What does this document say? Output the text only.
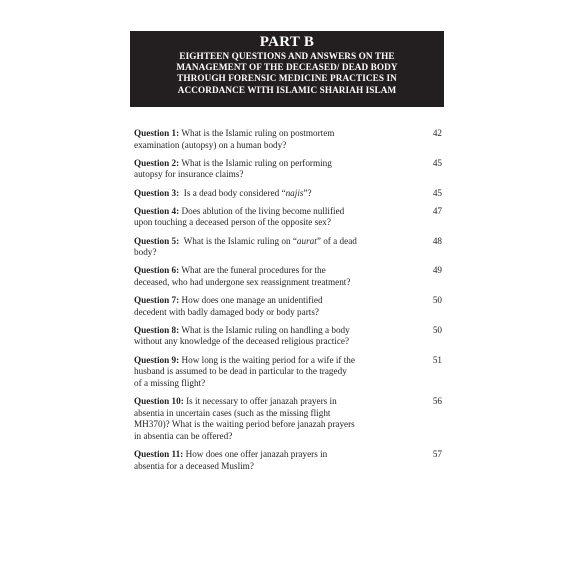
PART B
EIGHTEEN QUESTIONS AND ANSWERS ON THE
MANAGEMENT OF THE DECEASED/ DEAD BODY
THROUGH FORENSIC MEDICINE PRACTICES IN
ACCORDANCE WITH ISLAMIC SHARIAH ISLAM
Question 1: What is the Islamic ruling on postmortem
examination (autopsy) on a human body?
42
Question 2: What is the Islamic ruling on performing
autopsy for insurance claims?
45
Question 3: Is a dead body considered “najis”?	45
Question 4: Does ablution of the living become nullified
upon touching a deceased person of the opposite sex?
47
Question 5: What is the Islamic ruling on “aurat” of a dead
body?
48
Question 6: What are the funeral procedures for the
deceased, who had undergone sex reassignment treatment?
49
Question 7: How does one manage an unidentified
decedent with badly damaged body or body parts?
50
Question 8: What is the Islamic ruling on handling a body
without any knowledge of the deceased religious practice?
50
Question 9: How long is the waiting period for a wife if the
husband is assumed to be dead in particular to the tragedy
of a missing flight?
51
Question 10: Is it necessary to offer janazah prayers in
absentia in uncertain cases (such as the missing flight
MH370)? What is the waiting period before janazah prayers
in absentia can be offered?
56
Question 11: How does one offer janazah prayers in
absentia for a deceased Muslim?
57
